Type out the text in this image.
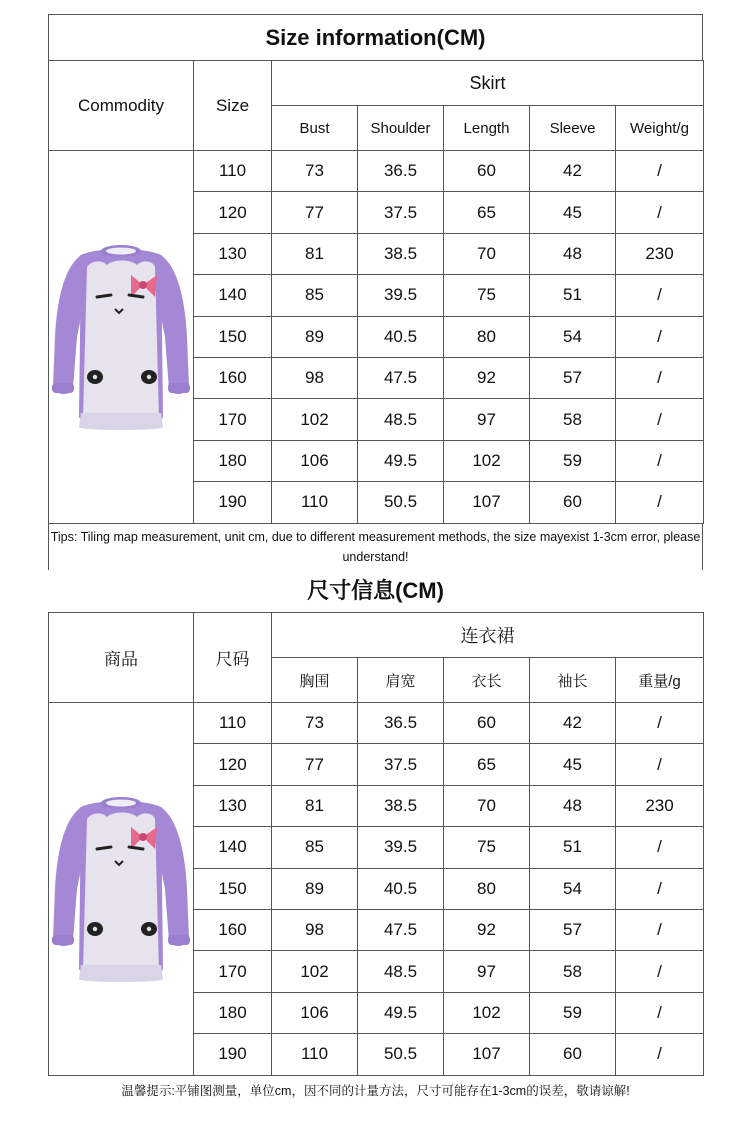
Size information(CM)
Commodity	Size	Skirt				
		Bust	Shoulder	Length	Sleeve	Weight/g

	110	73	36.5	60	42	/
	120	77	37.5	65	45	/
	130	81	38.5	70	48	230
	140	85	39.5	75	51	/
	150	89	40.5	80	54	/
	160	98	47.5	92	57	/
	170	102	48.5	97	58	/
	180	106	49.5	102	59	/
	190	110	50.5	107	60	/
Tips: Tiling map measurement, unit cm, due to different measurement methods, the size mayexist 1-3cm error, please understand!
尺寸信息(CM)
商品	尺码	连衣裙				
		胸围	肩宽	衣长	袖长	重量/g

	110	73	36.5	60	42	/
	120	77	37.5	65	45	/
	130	81	38.5	70	48	230
	140	85	39.5	75	51	/
	150	89	40.5	80	54	/
	160	98	47.5	92	57	/
	170	102	48.5	97	58	/
	180	106	49.5	102	59	/
	190	110	50.5	107	60	/
温馨提示:平铺图测量，单位cm，因不同的计量方法，尺寸可能存在1-3cm的误差，敬请谅解!
